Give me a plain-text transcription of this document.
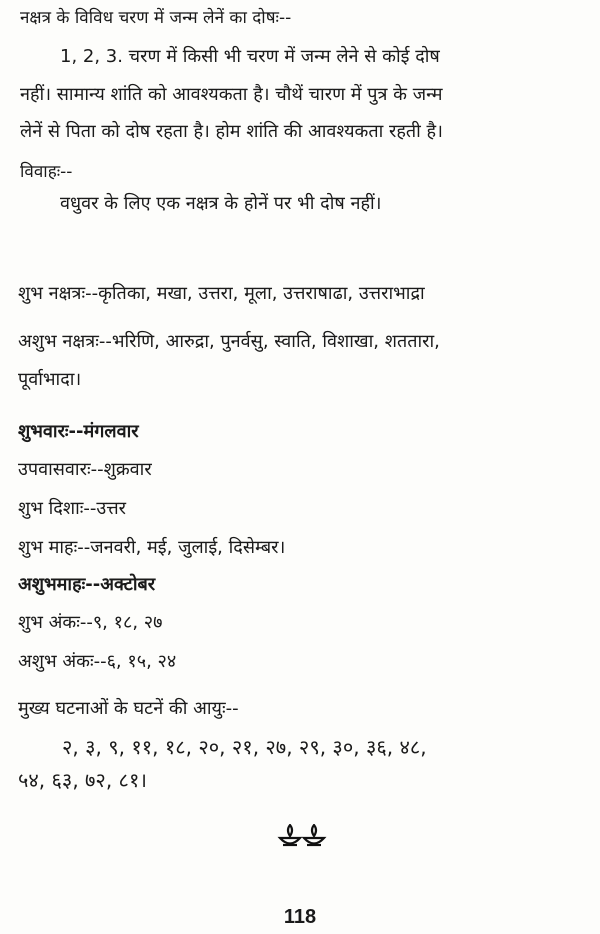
नक्षत्र के विविध चरण में जन्म लेनें का दोषः--
1, 2, 3. चरण में किसी भी चरण में जन्म लेने से कोई दोष
नहीं। सामान्य शांति को आवश्यकता है। चौथें चारण में पुत्र के जन्म
लेनें से पिता को दोष रहता है। होम शांति की आवश्यकता रहती है।
विवाहः--
वधुवर के लिए एक नक्षत्र के होनें पर भी दोष नहीं।
शुभ नक्षत्रः--कृतिका, मखा, उत्तरा, मूला, उत्तराषाढा, उत्तराभाद्रा
अशुभ नक्षत्रः--भरिणि, आरुद्रा, पुनर्वसु, स्वाति, विशाखा, शततारा,
पूर्वाभादा।
शुभवारः--मंगलवार
उपवासवारः--शुक्रवार
शुभ दिशाः--उत्तर
शुभ माहः--जनवरी, मई, जुलाई, दिसेम्बर।
अशुभमाहः--अक्टोबर
शुभ अंकः--९, १८, २७
अशुभ अंकः--६, १५, २४
मुख्य घटनाओं के घटनें की आयुः--
२, ३, ९, ११, १८, २०, २१, २७, २९, ३०, ३६, ४८,
५४, ६३, ७२, ८१।
118
